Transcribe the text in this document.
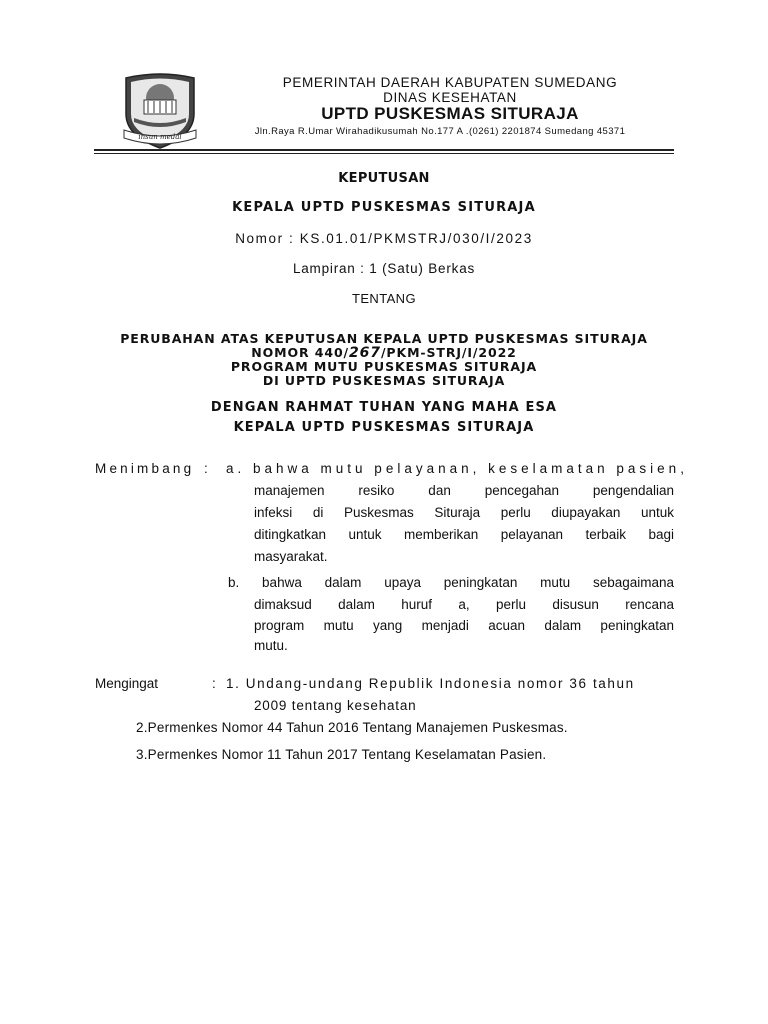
insun medal
PEMERINTAH DAERAH KABUPATEN SUMEDANG
DINAS KESEHATAN
UPTD PUSKESMAS SITURAJA
Jln.Raya R.Umar Wirahadikusumah No.177 A .(0261) 2201874 Sumedang 45371
KEPUTUSAN
KEPALA UPTD PUSKESMAS SITURAJA
Nomor : KS.01.01/PKMSTRJ/030/I/2023
Lampiran : 1 (Satu) Berkas
TENTANG
PERUBAHAN ATAS KEPUTUSAN KEPALA UPTD PUSKESMAS SITURAJA
NOMOR 440/267/PKM-STRJ/I/2022
PROGRAM MUTU PUSKESMAS SITURAJA
DI UPTD PUSKESMAS SITURAJA
DENGAN RAHMAT TUHAN YANG MAHA ESA
KEPALA UPTD PUSKESMAS SITURAJA
Menimbang : a. bahwa mutu pelayanan, keselamatan pasien,
manajemen resiko dan pencegahan pengendalian
infeksi di Puskesmas Situraja perlu diupayakan untuk
ditingkatkan untuk memberikan pelayanan terbaik bagi
masyarakat.
b. bahwa dalam upaya peningkatan mutu sebagaimana
dimaksud dalam huruf a, perlu disusun rencana
program mutu yang menjadi acuan dalam peningkatan
mutu.
Mengingat	: 1. Undang-undang Republik Indonesia nomor 36 tahun
2009 tentang kesehatan
2.Permenkes Nomor 44 Tahun 2016 Tentang Manajemen Puskesmas.
3.Permenkes Nomor 11 Tahun 2017 Tentang Keselamatan Pasien.
